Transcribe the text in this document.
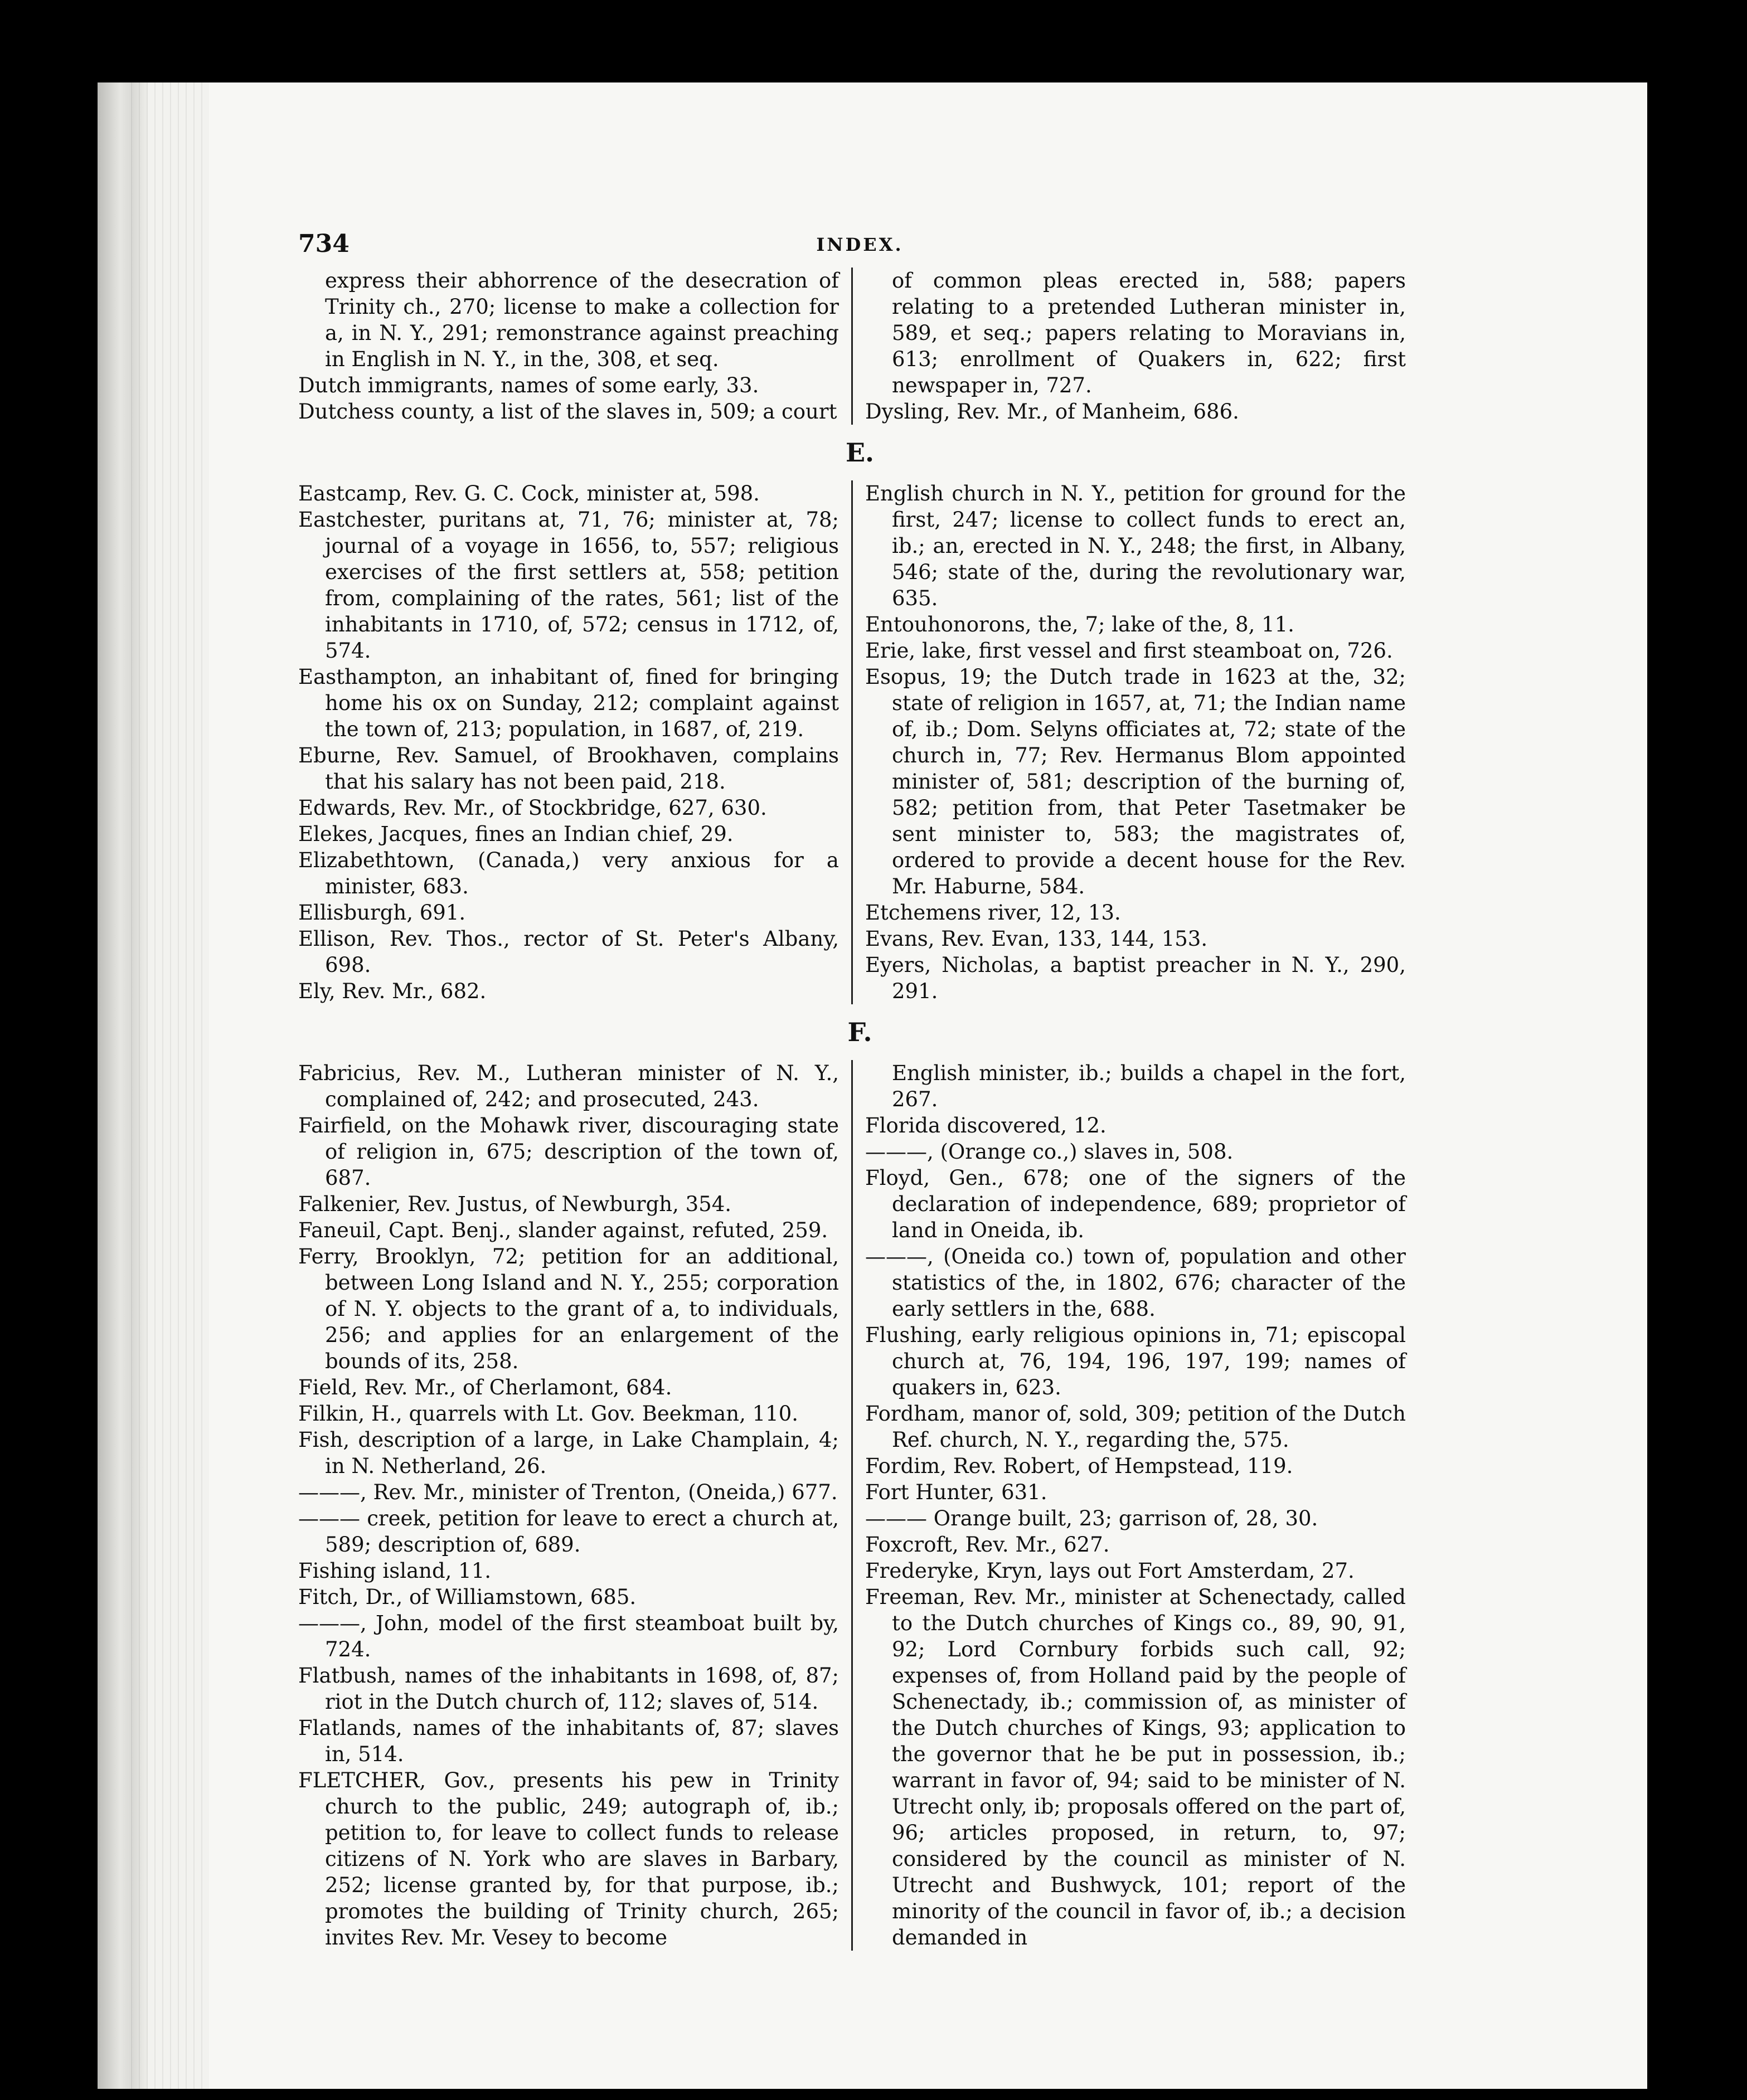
734	INDEX.

express their abhorrence of the desecration of Trinity ch., 270; license to make a collection for a, in N. Y., 291; remonstrance against preaching in English in N. Y., in the, 308, et seq.

Dutch immigrants, names of some early, 33.

Dutchess county, a list of the slaves in, 509; a court

of common pleas erected in, 588; papers relating to a pretended Lutheran minister in, 589, et seq.; papers relating to Moravians in, 613; enrollment of Quakers in, 622; first newspaper in, 727.

Dysling, Rev. Mr., of Manheim, 686.

E.

Eastcamp, Rev. G. C. Cock, minister at, 598.

Eastchester, puritans at, 71, 76; minister at, 78; journal of a voyage in 1656, to, 557; religious exercises of the first settlers at, 558; petition from, complaining of the rates, 561; list of the inhabitants in 1710, of, 572; census in 1712, of, 574.

Easthampton, an inhabitant of, fined for bringing home his ox on Sunday, 212; complaint against the town of, 213; population, in 1687, of, 219.

Eburne, Rev. Samuel, of Brookhaven, complains that his salary has not been paid, 218.

Edwards, Rev. Mr., of Stockbridge, 627, 630.

Elekes, Jacques, fines an Indian chief, 29.

Elizabethtown, (Canada,) very anxious for a minister, 683.

Ellisburgh, 691.

Ellison, Rev. Thos., rector of St. Peter's Albany, 698.

Ely, Rev. Mr., 682.

English church in N. Y., petition for ground for the first, 247; license to collect funds to erect an, ib.; an, erected in N. Y., 248; the first, in Albany, 546; state of the, during the revolutionary war, 635.

Entouhonorons, the, 7; lake of the, 8, 11.

Erie, lake, first vessel and first steamboat on, 726.

Esopus, 19; the Dutch trade in 1623 at the, 32; state of religion in 1657, at, 71; the Indian name of, ib.; Dom. Selyns officiates at, 72; state of the church in, 77; Rev. Hermanus Blom appointed minister of, 581; description of the burning of, 582; petition from, that Peter Tasetmaker be sent minister to, 583; the magistrates of, ordered to provide a decent house for the Rev. Mr. Haburne, 584.

Etchemens river, 12, 13.

Evans, Rev. Evan, 133, 144, 153.

Eyers, Nicholas, a baptist preacher in N. Y., 290, 291.

F.

Fabricius, Rev. M., Lutheran minister of N. Y., complained of, 242; and prosecuted, 243.

Fairfield, on the Mohawk river, discouraging state of religion in, 675; description of the town of, 687.

Falkenier, Rev. Justus, of Newburgh, 354.

Faneuil, Capt. Benj., slander against, refuted, 259.

Ferry, Brooklyn, 72; petition for an additional, between Long Island and N. Y., 255; corporation of N. Y. objects to the grant of a, to individuals, 256; and applies for an enlargement of the bounds of its, 258.

Field, Rev. Mr., of Cherlamont, 684.

Filkin, H., quarrels with Lt. Gov. Beekman, 110.

Fish, description of a large, in Lake Champlain, 4; in N. Netherland, 26.

———, Rev. Mr., minister of Trenton, (Oneida,) 677.

——— creek, petition for leave to erect a church at, 589; description of, 689.

Fishing island, 11.

Fitch, Dr., of Williamstown, 685.

———, John, model of the first steamboat built by, 724.

Flatbush, names of the inhabitants in 1698, of, 87; riot in the Dutch church of, 112; slaves of, 514.

Flatlands, names of the inhabitants of, 87; slaves in, 514.

FLETCHER, Gov., presents his pew in Trinity church to the public, 249; autograph of, ib.; petition to, for leave to collect funds to release citizens of N. York who are slaves in Barbary, 252; license granted by, for that purpose, ib.; promotes the building of Trinity church, 265; invites Rev. Mr. Vesey to become

English minister, ib.; builds a chapel in the fort, 267.

Florida discovered, 12.

———, (Orange co.,) slaves in, 508.

Floyd, Gen., 678; one of the signers of the declaration of independence, 689; proprietor of land in Oneida, ib.

———, (Oneida co.) town of, population and other statistics of the, in 1802, 676; character of the early settlers in the, 688.

Flushing, early religious opinions in, 71; episcopal church at, 76, 194, 196, 197, 199; names of quakers in, 623.

Fordham, manor of, sold, 309; petition of the Dutch Ref. church, N. Y., regarding the, 575.

Fordim, Rev. Robert, of Hempstead, 119.

Fort Hunter, 631.

——— Orange built, 23; garrison of, 28, 30.

Foxcroft, Rev. Mr., 627.

Frederyke, Kryn, lays out Fort Amsterdam, 27.

Freeman, Rev. Mr., minister at Schenectady, called to the Dutch churches of Kings co., 89, 90, 91, 92; Lord Cornbury forbids such call, 92; expenses of, from Holland paid by the people of Schenectady, ib.; commission of, as minister of the Dutch churches of Kings, 93; application to the governor that he be put in possession, ib.; warrant in favor of, 94; said to be minister of N. Utrecht only, ib; proposals offered on the part of, 96; articles proposed, in return, to, 97; considered by the council as minister of N. Utrecht and Bushwyck, 101; report of the minority of the council in favor of, ib.; a decision demanded in
